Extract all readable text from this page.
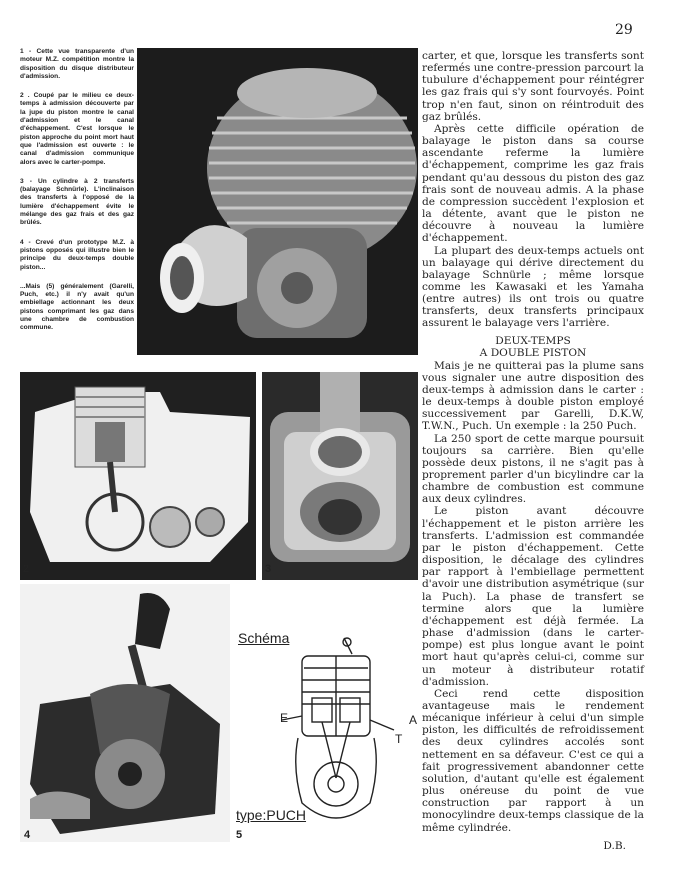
29

1 - Cette vue transparente d'un moteur M.Z. compétition montre la disposition du disque distributeur d'admission.

2 . Coupé par le milieu ce deux-temps à admission découverte par la jupe du piston montre le canal d'admission et le canal d'échappement. C'est lorsque le piston approche du point mort haut que l'admission est ouverte : le canal d'admission communique alors avec le carter-pompe.

3 - Un cylindre à 2 transferts (balayage Schnürle). L'inclinaison des transferts à l'opposé de la lumière d'échappement évite le mélange des gaz frais et des gaz brûlés.

4 - Crevé d'un prototype M.Z. à pistons opposés qui illustre bien le principe du deux-temps double piston...

...Mais (5) généralement (Garelli, Puch, etc.) il n'y avait qu'un embiellage actionnant les deux pistons comprimant les gaz dans une chambre de combustion commune.

2	3
4
Schéma
E	A
T
type:PUCH
5

carter, et que, lorsque les transferts sont refermés une contre-pression parcourt la tubulure d'échappement pour réintégrer les gaz frais qui s'y sont fourvoyés. Point trop n'en faut, sinon on réintroduit des gaz brûlés.

Après cette difficile opération de balayage le piston dans sa course ascendante referme la lumière d'échappement, comprime les gaz frais pendant qu'au dessous du piston des gaz frais sont de nouveau admis. A la phase de compression succèdent l'explosion et la détente, avant que le piston ne découvre à nouveau la lumière d'échappement.

La plupart des deux-temps actuels ont un balayage qui dérive directement du balayage Schnürle ; même lorsque comme les Kawasaki et les Yamaha (entre autres) ils ont trois ou quatre transferts, deux transferts principaux assurent le balayage vers l'arrière.

DEUX-TEMPS
A DOUBLE PISTON

Mais je ne quitterai pas la plume sans vous signaler une autre disposition des deux-temps à admission dans le carter : le deux-temps à double piston employé successivement par Garelli, D.K.W, T.W.N., Puch. Un exemple : la 250 Puch.

La 250 sport de cette marque poursuit toujours sa carrière. Bien qu'elle possède deux pistons, il ne s'agit pas à proprement parler d'un bicylindre car la chambre de combustion est commune aux deux cylindres.

Le piston avant découvre l'échappement et le piston arrière les transferts. L'admission est commandée par le piston d'échappement. Cette disposition, le décalage des cylindres par rapport à l'embiellage permettent d'avoir une distribution asymétrique (sur la Puch). La phase de transfert se termine alors que la lumière d'échappement est déjà fermée. La phase d'admission (dans le carter-pompe) est plus longue avant le point mort haut qu'après celui-ci, comme sur un moteur à distributeur rotatif d'admission.

Ceci rend cette disposition avantageuse mais le rendement mécanique inférieur à celui d'un simple piston, les difficultés de refroidissement des deux cylindres accolés sont nettement en sa défaveur. C'est ce qui a fait progressivement abandonner cette solution, d'autant qu'elle est également plus onéreuse du point de vue construction par rapport à un monocylindre deux-temps classique de la même cylindrée.

D.B.
